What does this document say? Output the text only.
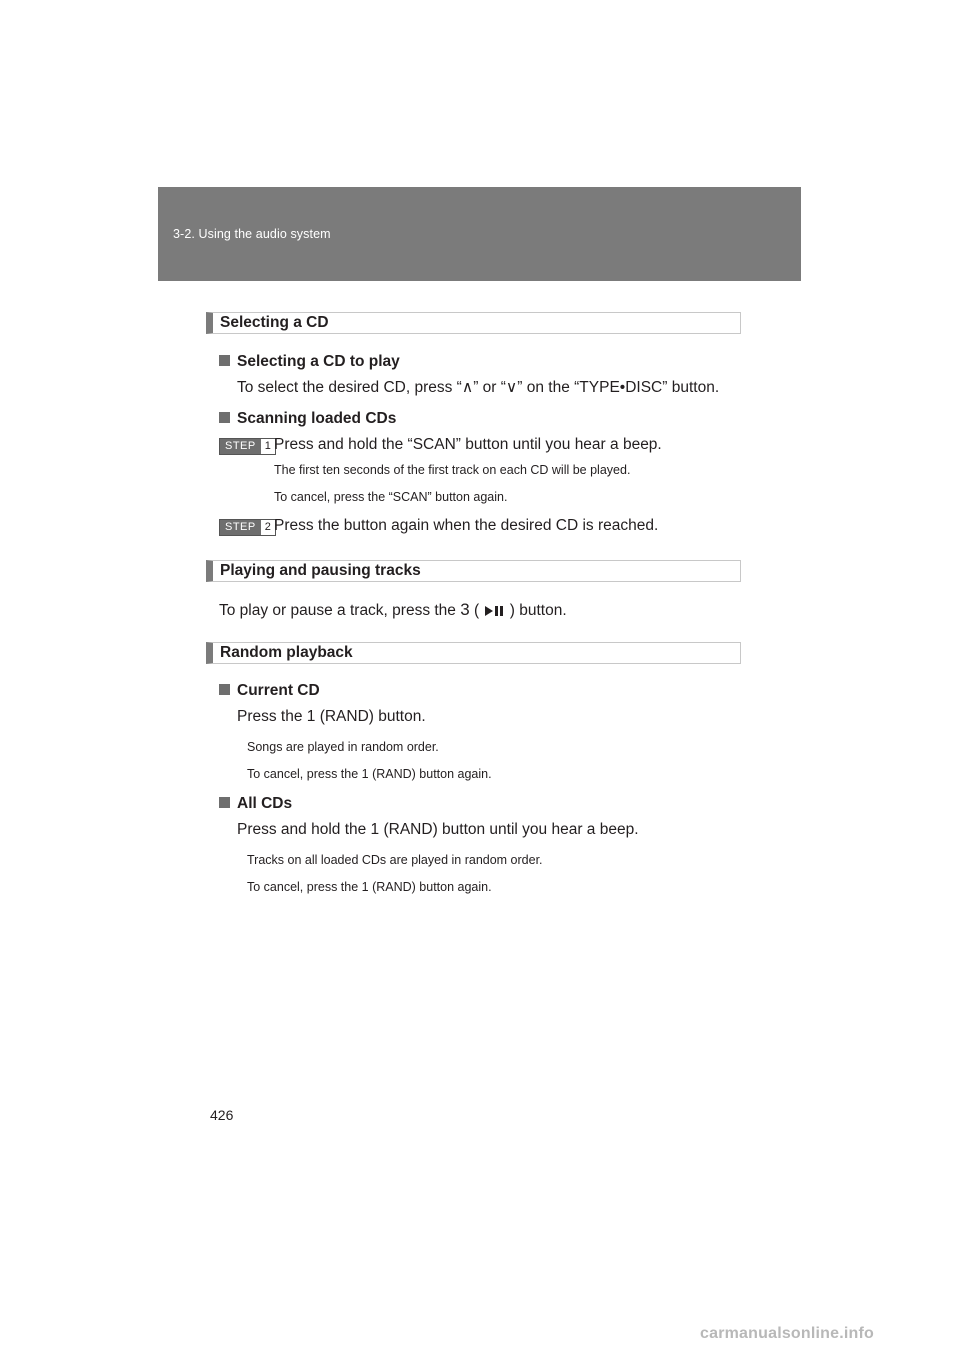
3-2. Using the audio system
Selecting a CD
Selecting a CD to play
To select the desired CD, press “∧” or “∨” on the “TYPE•DISC” button.
Scanning loaded CDs
STEP 1 Press and hold the “SCAN” button until you hear a beep.
The first ten seconds of the first track on each CD will be played.
To cancel, press the “SCAN” button again.
STEP 2 Press the button again when the desired CD is reached.
Playing and pausing tracks
To play or pause a track, press the 3 (  ) button.
Random playback
Current CD
Press the 1 (RAND) button.
Songs are played in random order.
To cancel, press the 1 (RAND) button again.
All CDs
Press and hold the 1 (RAND) button until you hear a beep.
Tracks on all loaded CDs are played in random order.
To cancel, press the 1 (RAND) button again.
426
carmanualsonline.info
